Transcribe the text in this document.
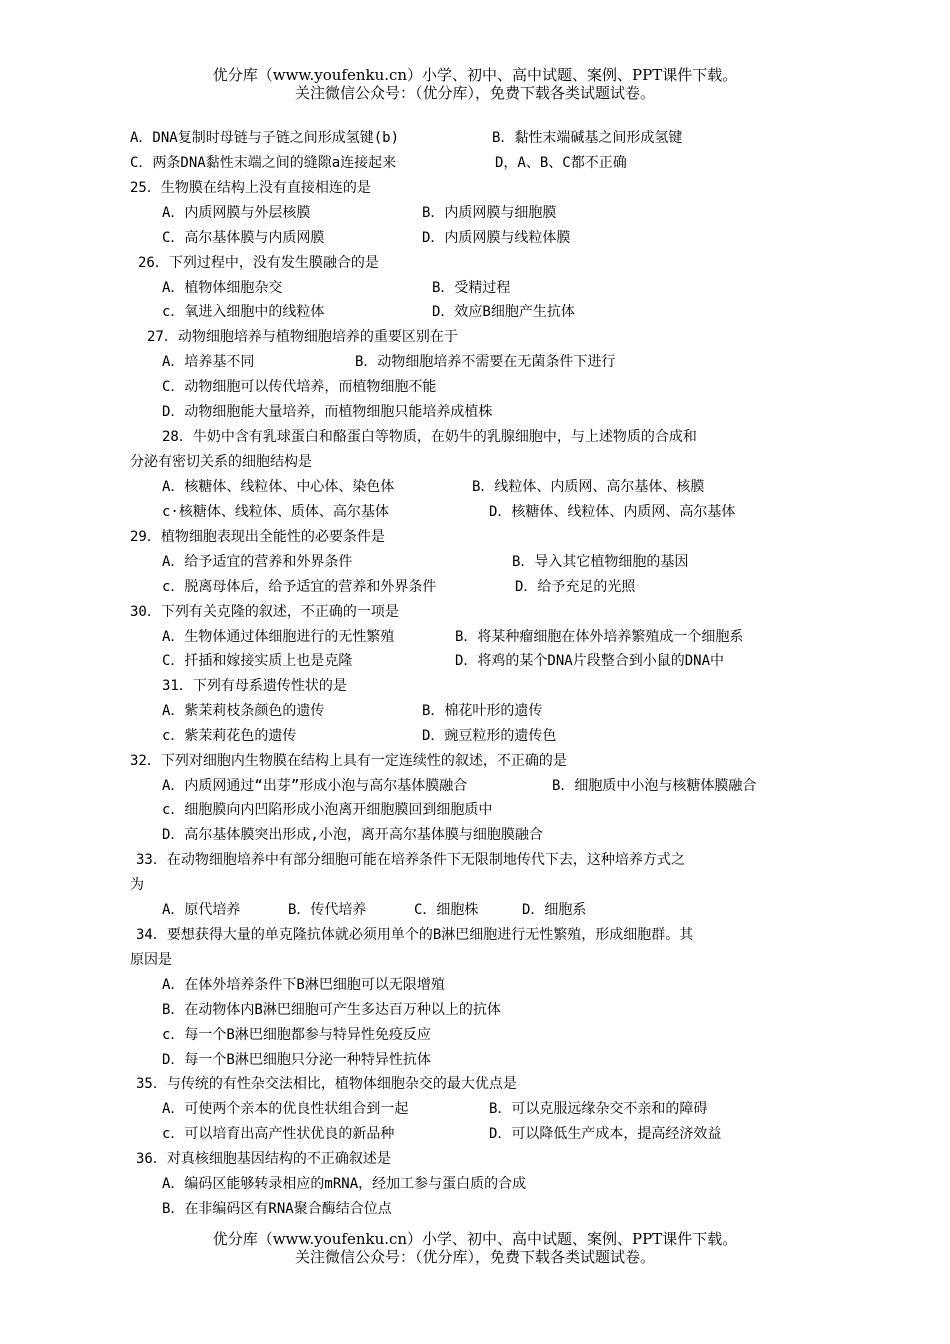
优分库（www.youfenku.cn）小学、初中、高中试题、案例、PPT课件下载。
关注微信公众号：（优分库），免费下载各类试题试卷。
A．DNA复制时母链与子链之间形成氢键(b)	B．黏性末端碱基之间形成氢键
C．两条DNA黏性末端之间的缝隙a连接起来	D，A、B、C都不正确
25．生物膜在结构上没有直接相连的是
A．内质网膜与外层核膜	B．内质网膜与细胞膜
C．高尔基体膜与内质网膜	D．内质网膜与线粒体膜
26．下列过程中，没有发生膜融合的是
A．植物体细胞杂交	B．受精过程
c．氧进入细胞中的线粒体	D．效应B细胞产生抗体
27．动物细胞培养与植物细胞培养的重要区别在于
A．培养基不同	B．动物细胞培养不需要在无菌条件下进行
C．动物细胞可以传代培养，而植物细胞不能
D．动物细胞能大量培养，而植物细胞只能培养成植株
28．牛奶中含有乳球蛋白和酪蛋白等物质，在奶牛的乳腺细胞中，与上述物质的合成和
分泌有密切关系的细胞结构是
A．核糖体、线粒体、中心体、染色体	B．线粒体、内质网、高尔基体、核膜
c·核糖体、线粒体、质体、高尔基体	D．核糖体、线粒体、内质网、高尔基体
29．植物细胞表现出全能性的必要条件是
A．给予适宜的营养和外界条件	B．导入其它植物细胞的基因
c．脱离母体后，给予适宜的营养和外界条件	D．给予充足的光照
30．下列有关克隆的叙述，不正确的一项是
A．生物体通过体细胞进行的无性繁殖	B．将某种瘤细胞在体外培养繁殖成一个细胞系
C．扦插和嫁接实质上也是克隆	D．将鸡的某个DNA片段整合到小鼠的DNA中
31．下列有母系遗传性状的是
A．紫茉莉枝条颜色的遗传	B．棉花叶形的遗传
c．紫茉莉花色的遗传	D．豌豆粒形的遗传色
32．下列对细胞内生物膜在结构上具有一定连续性的叙述，不正确的是
A．内质网通过“出芽”形成小泡与高尔基体膜融合	B．细胞质中小泡与核糖体膜融合
c．细胞膜向内凹陷形成小泡离开细胞膜回到细胞质中
D．高尔基体膜突出形成,小泡，离开高尔基体膜与细胞膜融合
33．在动物细胞培养中有部分细胞可能在培养条件下无限制地传代下去，这种培养方式之
为
A．原代培养	B．传代培养	C．细胞株	D．细胞系
34．要想获得大量的单克隆抗体就必须用单个的B淋巴细胞进行无性繁殖，形成细胞群。其
原因是
A．在体外培养条件下B淋巴细胞可以无限增殖
B．在动物体内B淋巴细胞可产生多达百万种以上的抗体
c．每一个B淋巴细胞都参与特异性免疫反应
D．每一个B淋巴细胞只分泌一种特异性抗体
35．与传统的有性杂交法相比，植物体细胞杂交的最大优点是
A．可使两个亲本的优良性状组合到一起	B．可以克服远缘杂交不亲和的障碍
c．可以培育出高产性状优良的新品种	D．可以降低生产成本，提高经济效益
36．对真核细胞基因结构的不正确叙述是
A．编码区能够转录相应的mRNA，经加工参与蛋白质的合成
B．在非编码区有RNA聚合酶结合位点
优分库（www.youfenku.cn）小学、初中、高中试题、案例、PPT课件下载。
关注微信公众号：（优分库），免费下载各类试题试卷。
